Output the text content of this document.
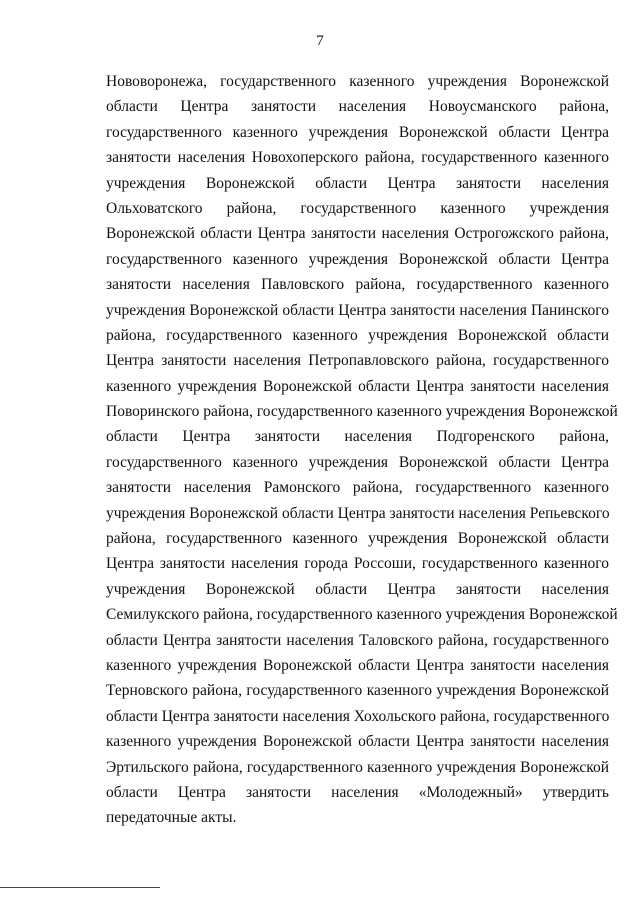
7
Нововоронежа, государственного казенного учреждения Воронежской
области Центра занятости населения Новоусманского района,
государственного казенного учреждения Воронежской области Центра
занятости населения Новохоперского района, государственного казенного
учреждения Воронежской области Центра занятости населения
Ольховатского района, государственного казенного учреждения
Воронежской области Центра занятости населения Острогожского района,
государственного казенного учреждения Воронежской области Центра
занятости населения Павловского района, государственного казенного
учреждения Воронежской области Центра занятости населения Панинского
района, государственного казенного учреждения Воронежской области
Центра занятости населения Петропавловского района, государственного
казенного учреждения Воронежской области Центра занятости населения
Поворинского района, государственного казенного учреждения Воронежской
области Центра занятости населения Подгоренского района,
государственного казенного учреждения Воронежской области Центра
занятости населения Рамонского района, государственного казенного
учреждения Воронежской области Центра занятости населения Репьевского
района, государственного казенного учреждения Воронежской области
Центра занятости населения города Россоши, государственного казенного
учреждения Воронежской области Центра занятости населения
Семилукского района, государственного казенного учреждения Воронежской
области Центра занятости населения Таловского района, государственного
казенного учреждения Воронежской области Центра занятости населения
Терновского района, государственного казенного учреждения Воронежской
области Центра занятости населения Хохольского района, государственного
казенного учреждения Воронежской области Центра занятости населения
Эртильского района, государственного казенного учреждения Воронежской
области Центра занятости населения «Молодежный» утвердить
передаточные акты.
